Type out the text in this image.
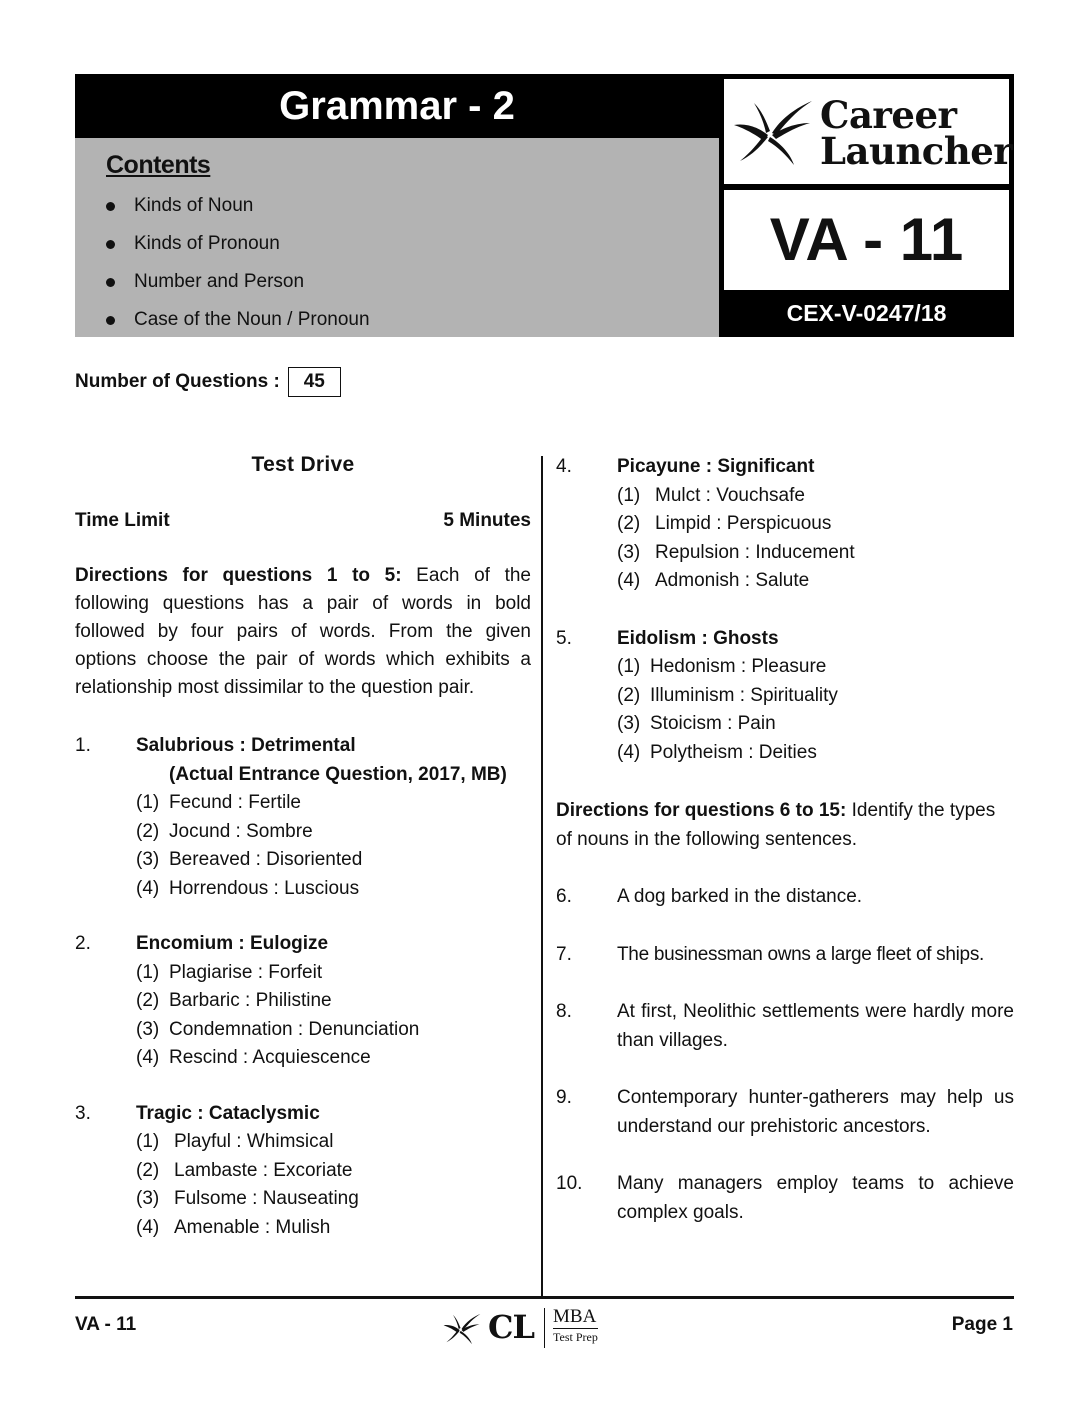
Grammar - 2
Contents
Kinds of Noun
Kinds of Pronoun
Number and Person
Case of the Noun / Pronoun
Career
Launcher
VA - 11
CEX-V-0247/18
Number of Questions :	45
Test Drive
Time Limit	5 Minutes

Directions for questions 1 to 5: Each of the following questions has a pair of words in bold followed by four pairs of words. From the given options choose the pair of words which exhibits a relationship most dissimilar to the question pair.

1. Salubrious : Detrimental
(Actual Entrance Question, 2017, MB)
(1) Fecund : Fertile
(2) Jocund : Sombre
(3) Bereaved : Disoriented
(4) Horrendous : Luscious
2. Encomium : Eulogize
(1) Plagiarise : Forfeit
(2) Barbaric : Philistine
(3) Condemnation : Denunciation
(4) Rescind : Acquiescence
3. Tragic : Cataclysmic
(1) Playful : Whimsical
(2) Lambaste : Excoriate
(3) Fulsome : Nauseating
(4) Amenable : Mulish
4. Picayune : Significant
(1) Mulct : Vouchsafe
(2) Limpid : Perspicuous
(3) Repulsion : Inducement
(4) Admonish : Salute
5. Eidolism : Ghosts
(1) Hedonism : Pleasure
(2) Illuminism : Spirituality
(3) Stoicism : Pain
(4) Polytheism : Deities

Directions for questions 6 to 15: Identify the types of nouns in the following sentences.

6. A dog barked in the distance.
7. The businessman owns a large fleet of ships.
8. At first, Neolithic settlements were hardly more than villages.
9. Contemporary hunter-gatherers may help us understand our prehistoric ancestors.
10. Many managers employ teams to achieve complex goals.
VA - 11	CL MBA
Test Prep
Page 1
